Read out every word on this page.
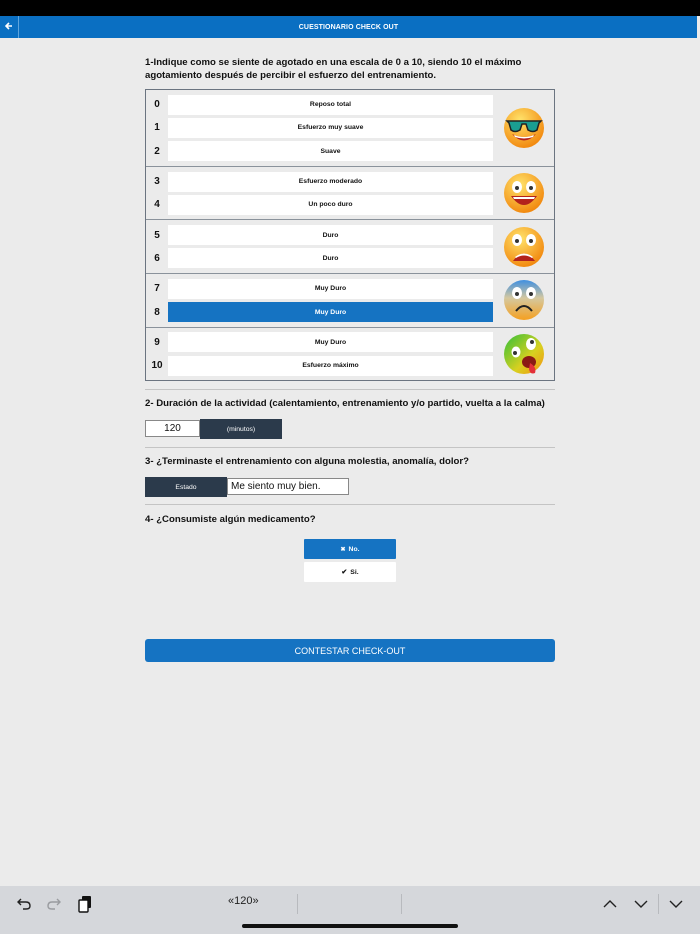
CUESTIONARIO CHECK OUT
1-Indique como se siente de agotado en una escala de 0 a 10, siendo 10 el máximo agotamiento después de percibir el esfuerzo del entrenamiento.
0	Reposo total
1	Esfuerzo muy suave
2	Suave
3	Esfuerzo moderado
4	Un poco duro
5	Duro
6	Duro
7	Muy Duro
8	Muy Duro
9	Muy Duro
10	Esfuerzo máximo
2- Duración de la actividad (calentamiento, entrenamiento y/o partido, vuelta a la calma)
120	(minutos)
3- ¿Terminaste el entrenamiento con alguna molestia, anomalía, dolor?
Estado	Me siento muy bien.
4- ¿Consumiste algún medicamento?
✖ No.
✔ Si.
CONTESTAR CHECK-OUT
«120»
